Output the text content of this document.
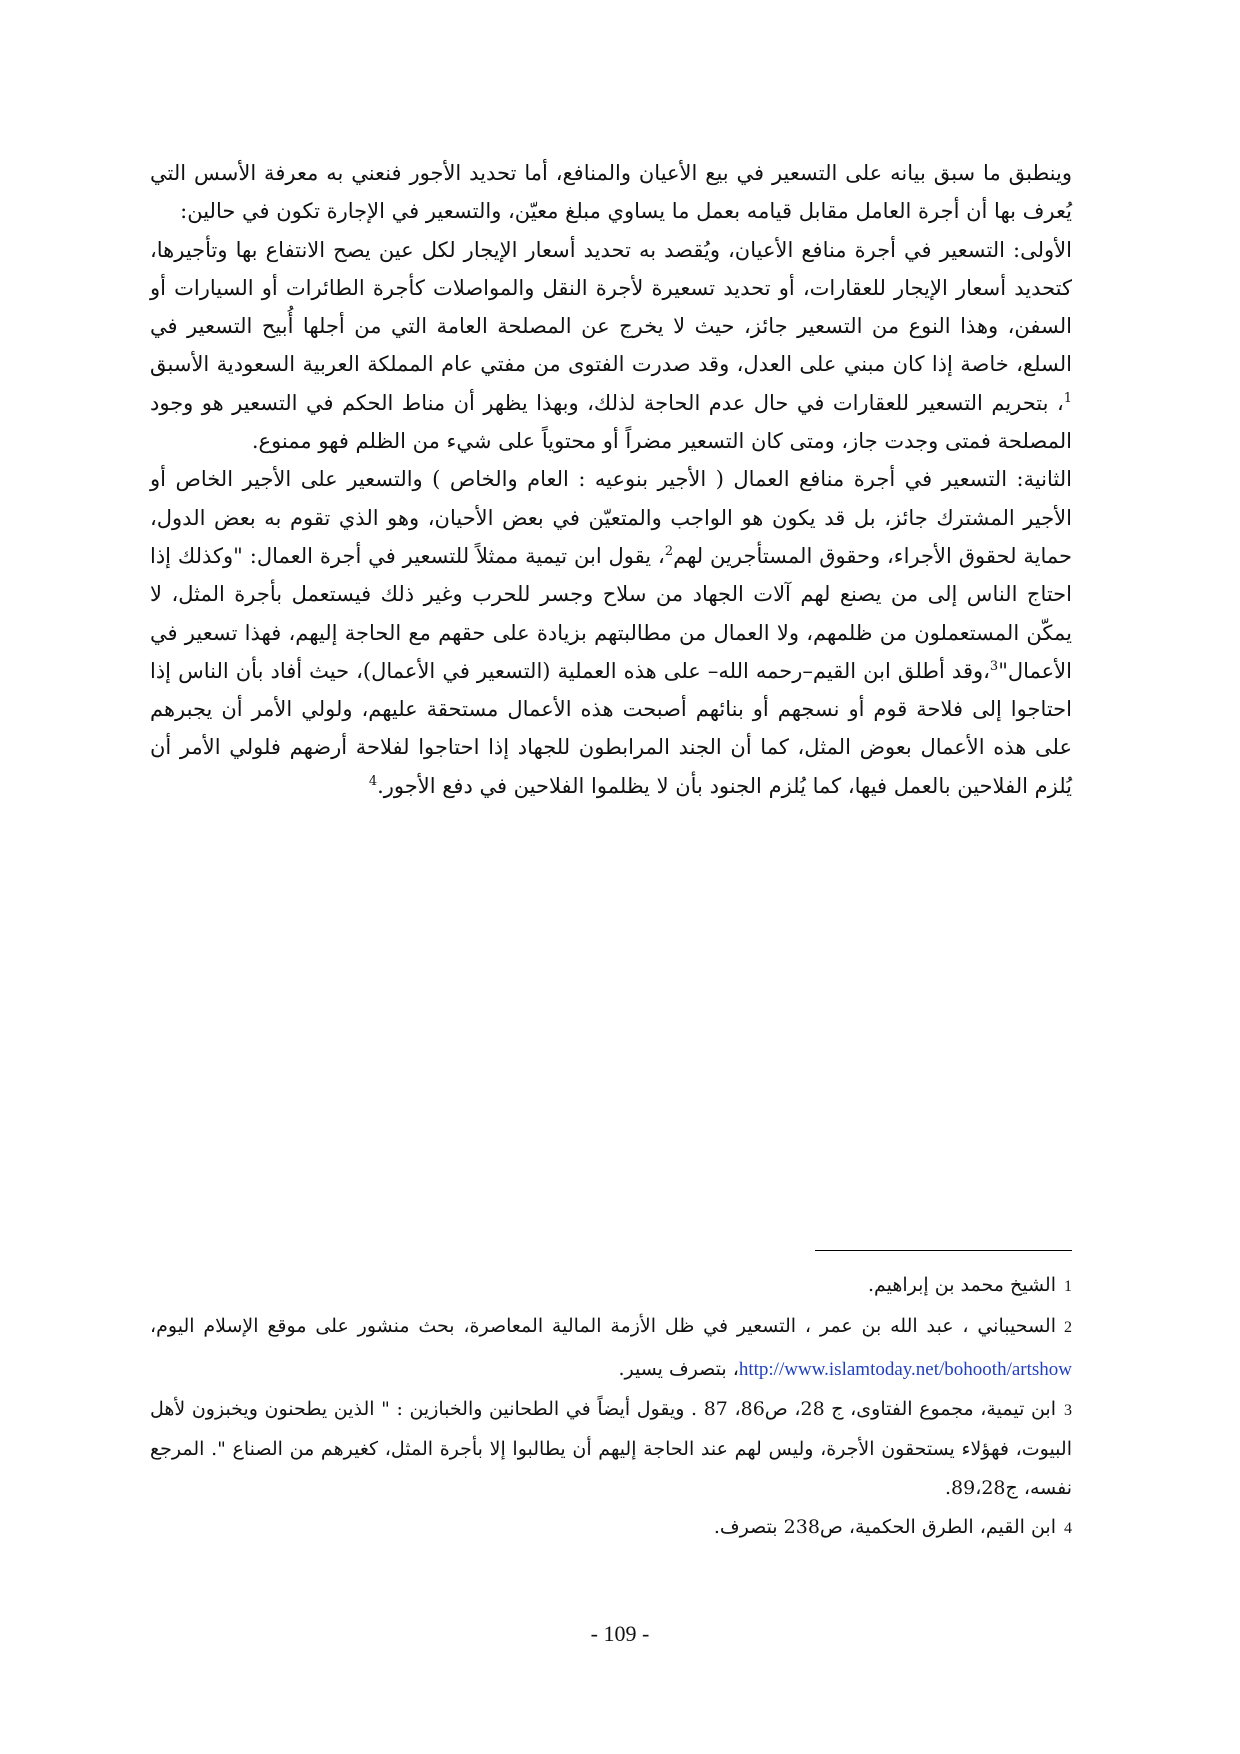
وينطبق ما سبق بيانه على التسعير في بيع الأعيان والمنافع، أما تحديد الأجور فنعني به معرفة الأسس التي يُعرف بها أن أجرة العامل مقابل قيامه بعمل ما يساوي مبلغ معيّن، والتسعير في الإجارة تكون في حالين:

الأولى: التسعير في أجرة منافع الأعيان، ويُقصد به تحديد أسعار الإيجار لكل عين يصح الانتفاع بها وتأجيرها، كتحديد أسعار الإيجار للعقارات، أو تحديد تسعيرة لأجرة النقل والمواصلات كأجرة الطائرات أو السيارات أو السفن، وهذا النوع من التسعير جائز، حيث لا يخرج عن المصلحة العامة التي من أجلها أُبيح التسعير في السلع، خاصة إذا كان مبني على العدل، وقد صدرت الفتوى من مفتي عام المملكة العربية السعودية الأسبق $^1$، بتحريم التسعير للعقارات في حال عدم الحاجة لذلك، وبهذا يظهر أن مناط الحكم في التسعير هو وجود المصلحة فمتى وجدت جاز، ومتى كان التسعير مضراً أو محتوياً على شيء من الظلم فهو ممنوع.

الثانية: التسعير في أجرة منافع العمال ( الأجير بنوعيه : العام والخاص ) والتسعير على الأجير الخاص أو الأجير المشترك جائز، بل قد يكون هو الواجب والمتعيّن في بعض الأحيان، وهو الذي تقوم به بعض الدول، حماية لحقوق الأجراء، وحقوق المستأجرين لهم$^2$، يقول ابن تيمية ممثلاً للتسعير في أجرة العمال: "وكذلك إذا احتاج الناس إلى من يصنع لهم آلات الجهاد من سلاح وجسر للحرب وغير ذلك فيستعمل بأجرة المثل، لا يمكّن المستعملون من ظلمهم، ولا العمال من مطالبتهم بزيادة على حقهم مع الحاجة إليهم، فهذا تسعير في الأعمال"$^3$،وقد أطلق ابن القيم–رحمه الله– على هذه العملية (التسعير في الأعمال)، حيث أفاد بأن الناس إذا احتاجوا إلى فلاحة قوم أو نسجهم أو بنائهم أصبحت هذه الأعمال مستحقة عليهم، ولولي الأمر أن يجبرهم على هذه الأعمال بعوض المثل، كما أن الجند المرابطون للجهاد إذا احتاجوا لفلاحة أرضهم فلولي الأمر أن يُلزم الفلاحين بالعمل فيها، كما يُلزم الجنود بأن لا يظلموا الفلاحين في دفع الأجور.$^4$

1الشيخ محمد بن إبراهيم.

2السحيباني ، عبد الله بن عمر ، التسعير في ظل الأزمة المالية المعاصرة، بحث منشور على موقع الإسلام اليوم، http://www.islamtoday.net/bohooth/artshow، بتصرف يسير.

3ابن تيمية، مجموع الفتاوى، ج 28، ص86، 87 . ويقول أيضاً في الطحانين والخبازين : " الذين يطحنون ويخبزون لأهل البيوت، فهؤلاء يستحقون الأجرة، وليس لهم عند الحاجة إليهم أن يطالبوا إلا بأجرة المثل، كغيرهم من الصناع ". المرجع نفسه، ج89،28.

4ابن القيم، الطرق الحكمية، ص238 بتصرف.

- 109 -
